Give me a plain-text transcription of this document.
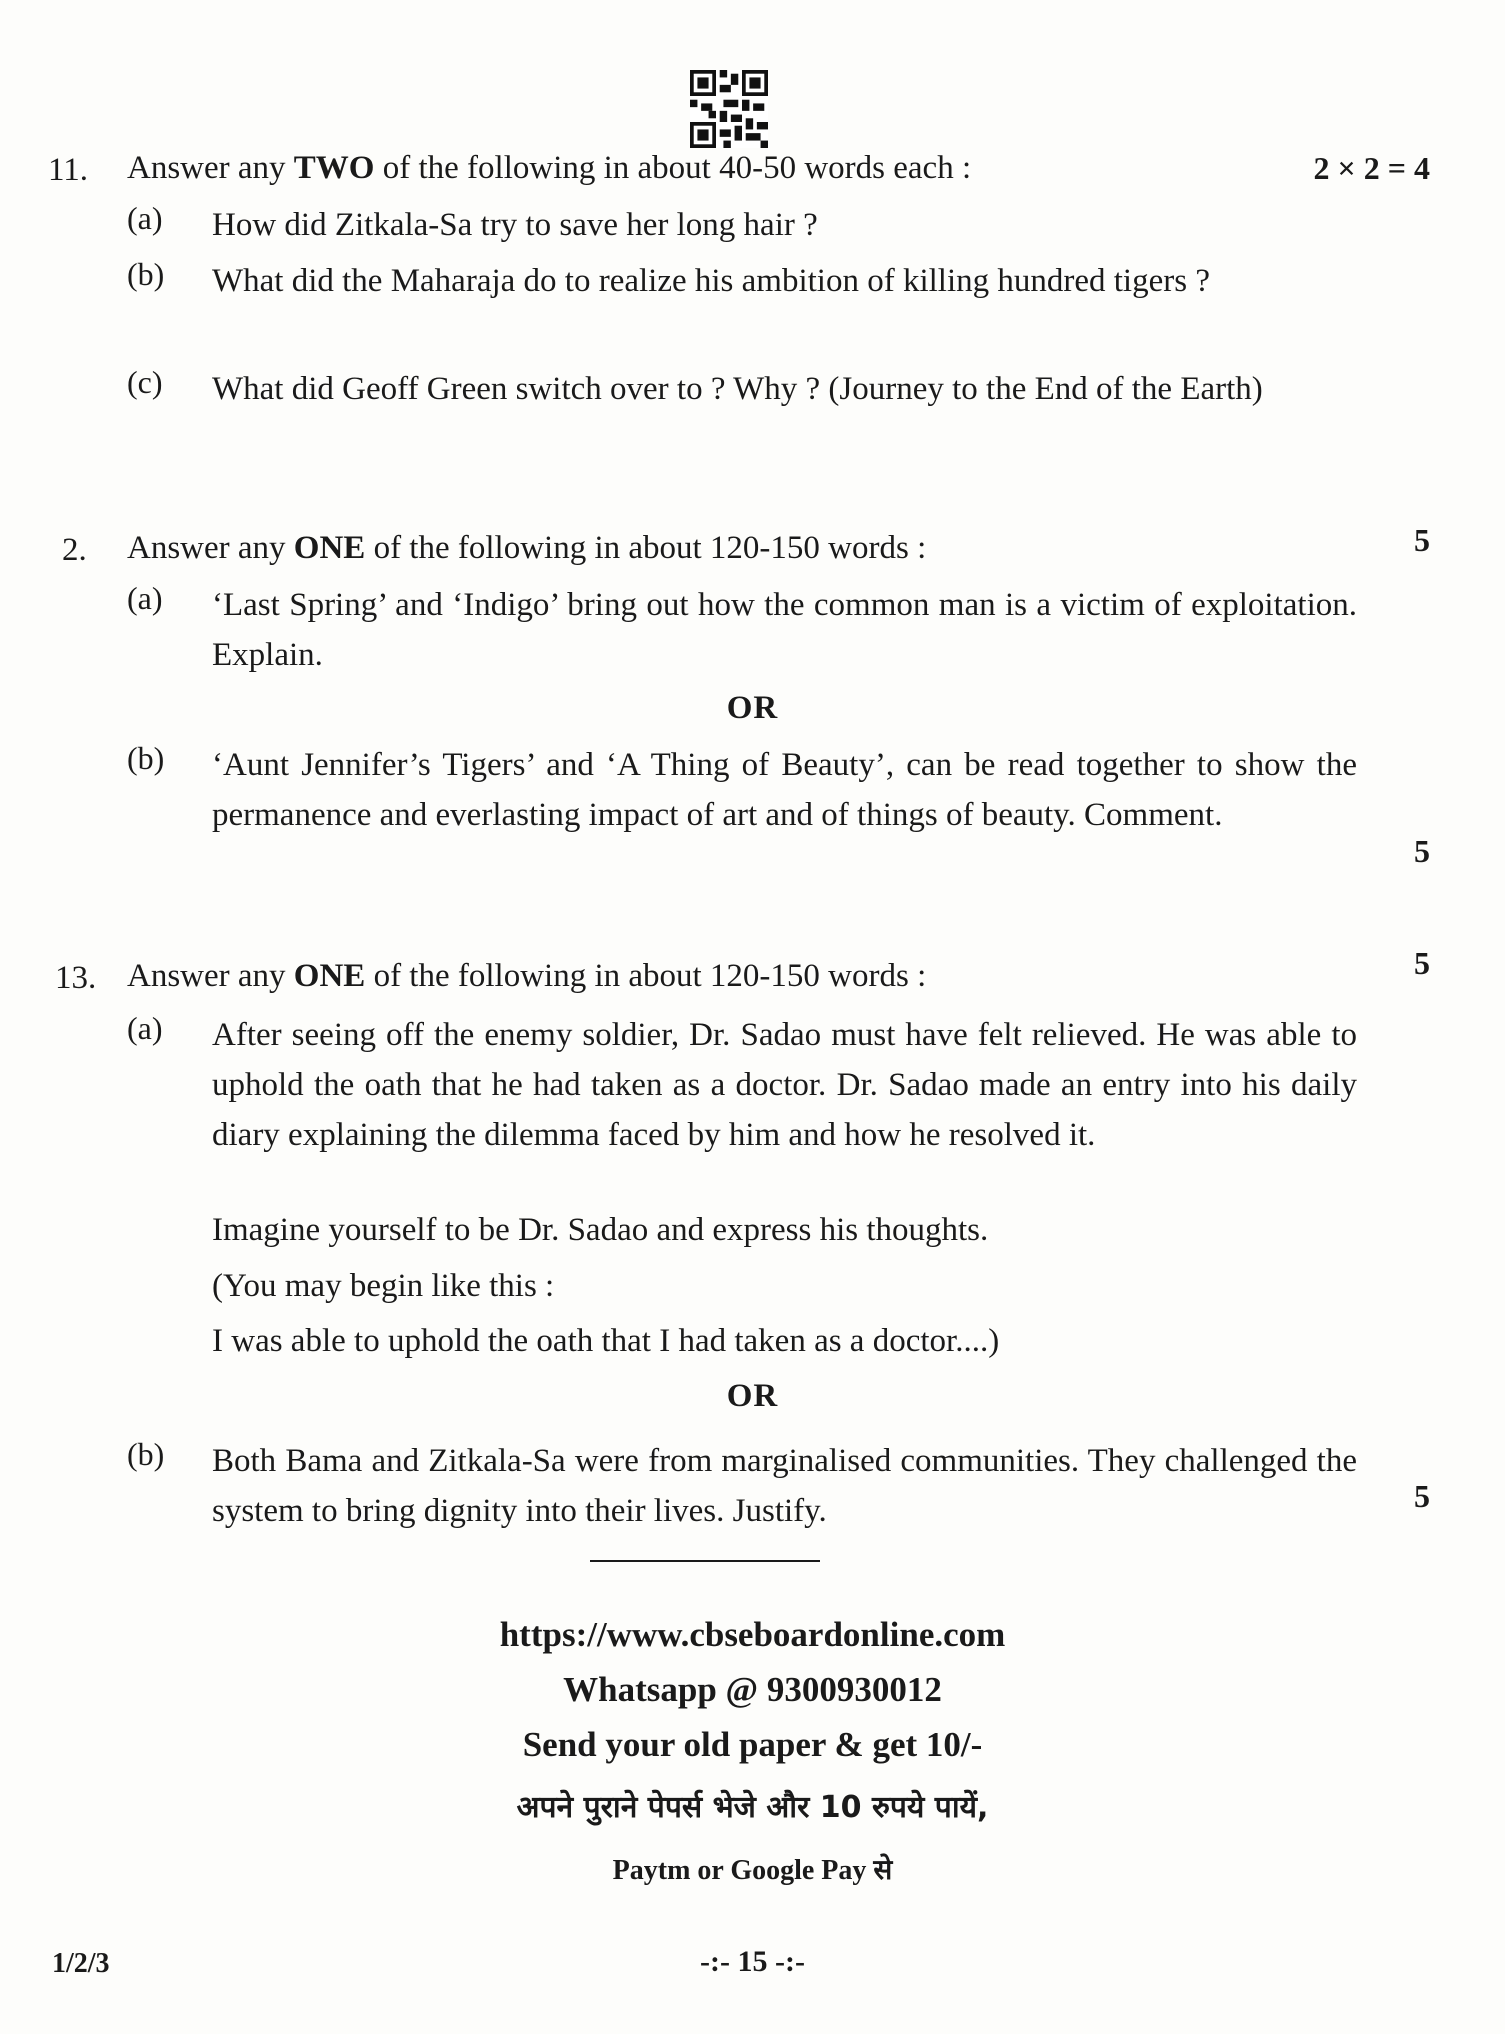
11. Answer any TWO of the following in about 40-50 words each :	2 × 2 = 4
(a) How did Zitkala-Sa try to save her long hair ?
(b) What did the Maharaja do to realize his ambition of killing hundred tigers ?
(c) What did Geoff Green switch over to ? Why ? (Journey to the End of the Earth)
2. Answer any ONE of the following in about 120-150 words :	5
(a) ‘Last Spring’ and ‘Indigo’ bring out how the common man is a victim of exploitation. Explain.
OR
(b) ‘Aunt Jennifer’s Tigers’ and ‘A Thing of Beauty’, can be read together to show the permanence and everlasting impact of art and of things of beauty. Comment.
5
13. Answer any ONE of the following in about 120-150 words :	5
(a) After seeing off the enemy soldier, Dr. Sadao must have felt relieved. He was able to uphold the oath that he had taken as a doctor. Dr. Sadao made an entry into his daily diary explaining the dilemma faced by him and how he resolved it.
Imagine yourself to be Dr. Sadao and express his thoughts.
(You may begin like this :
I was able to uphold the oath that I had taken as a doctor....)
OR
(b) Both Bama and Zitkala-Sa were from marginalised communities. They challenged the system to bring dignity into their lives. Justify.	5
https://www.cbseboardonline.com
Whatsapp @ 9300930012
Send your old paper & get 10/-
अपने पुराने पेपर्स भेजे और 10 रुपये पायें,
Paytm or Google Pay से
1/2/3	-:- 15 -:-
